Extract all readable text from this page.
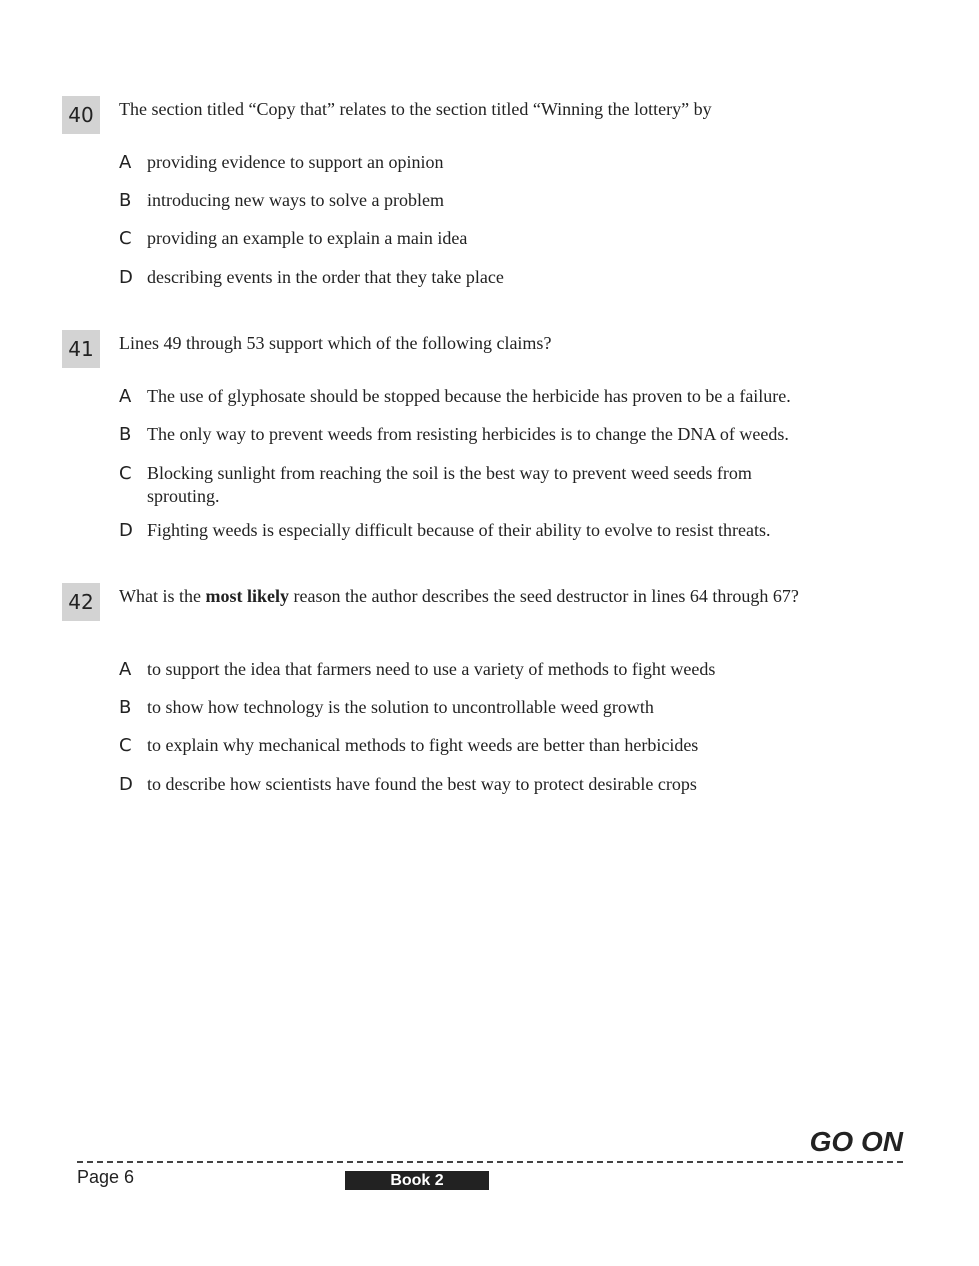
40	The section titled “Copy that” relates to the section titled “Winning the lottery” by
A providing evidence to support an opinion
B introducing new ways to solve a problem
C providing an example to explain a main idea
D describing events in the order that they take place
41	Lines 49 through 53 support which of the following claims?
A The use of glyphosate should be stopped because the herbicide has proven to be a failure.
B The only way to prevent weeds from resisting herbicides is to change the DNA of weeds.
C Blocking sunlight from reaching the soil is the best way to prevent weed seeds from sprouting.
D Fighting weeds is especially difficult because of their ability to evolve to resist threats.
42	What is the most likely reason the author describes the seed destructor in lines 64 through 67?
A to support the idea that farmers need to use a variety of methods to fight weeds
B to show how technology is the solution to uncontrollable weed growth
C to explain why mechanical methods to fight weeds are better than herbicides
D to describe how scientists have found the best way to protect desirable crops
GO ON
Page 6	Book 2
